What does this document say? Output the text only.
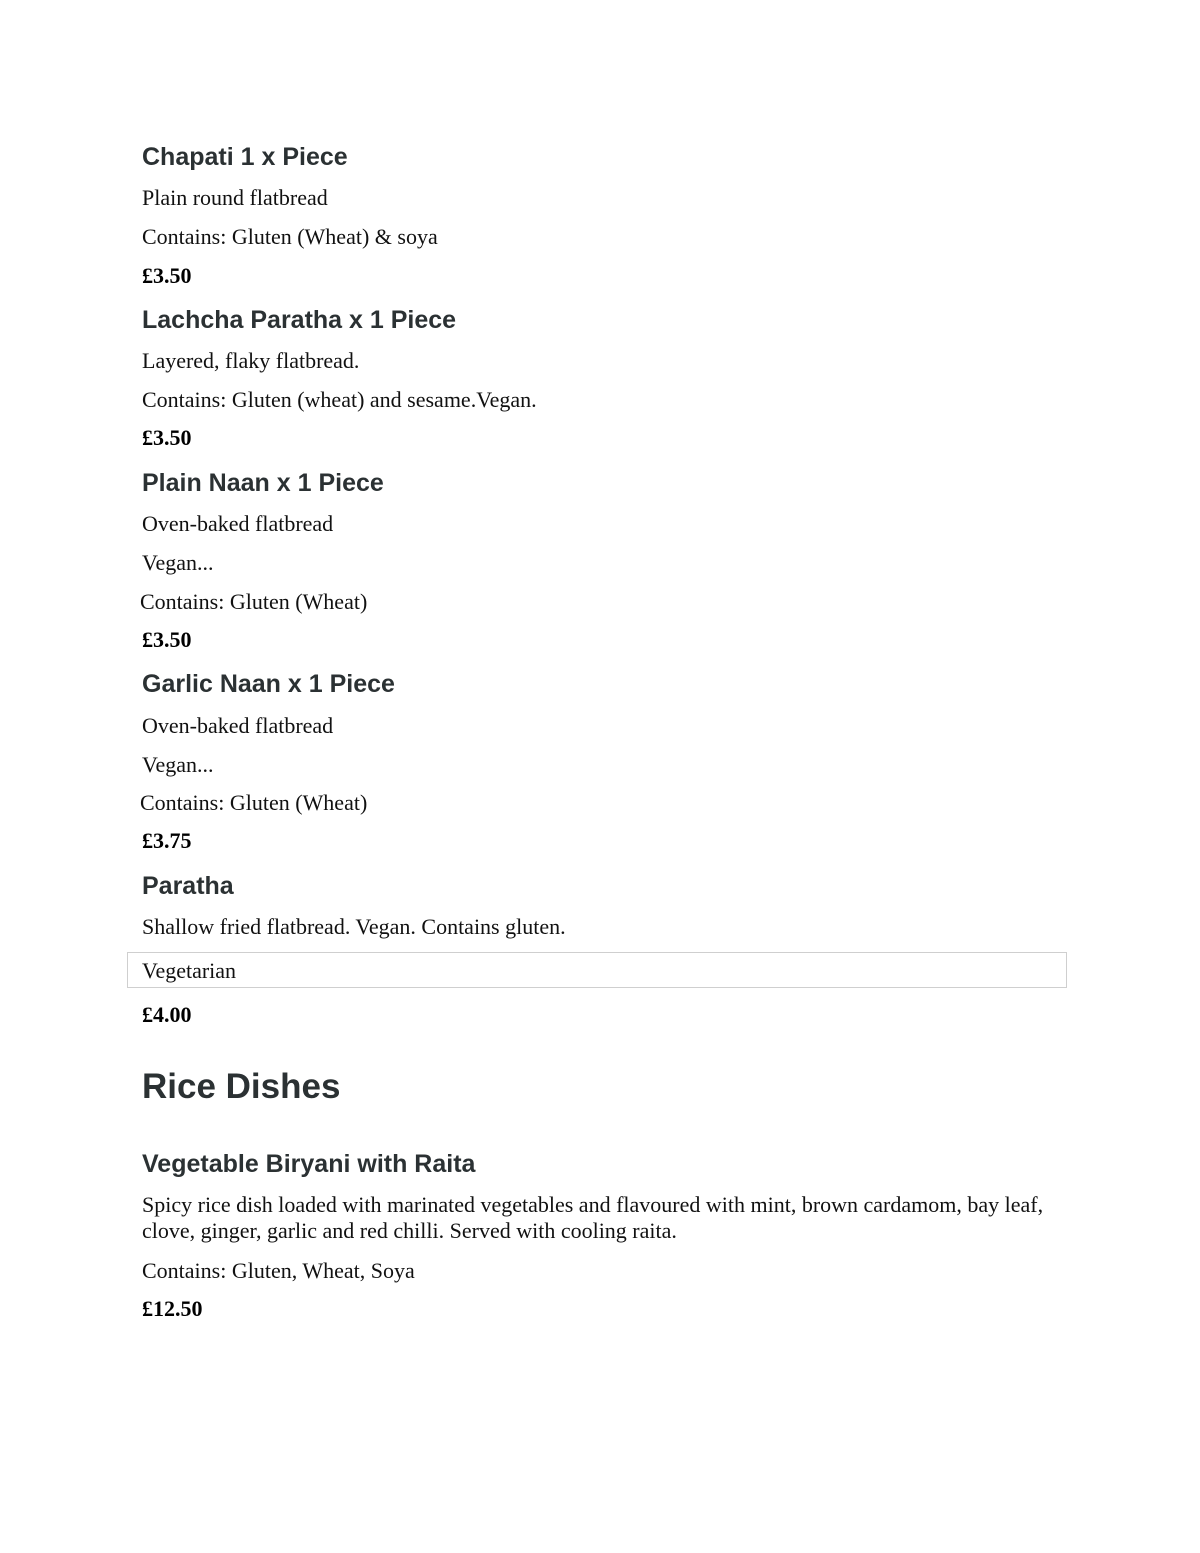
Chapati 1 x Piece
Plain round flatbread
Contains: Gluten (Wheat) & soya
£3.50
Lachcha Paratha x 1 Piece
Layered, flaky flatbread.
Contains: Gluten (wheat) and sesame.Vegan.
£3.50
Plain Naan x 1 Piece
Oven-baked flatbread
Vegan...
Contains: Gluten (Wheat)
£3.50
Garlic Naan x 1 Piece
Oven-baked flatbread
Vegan...
Contains: Gluten (Wheat)
£3.75
Paratha
Shallow fried flatbread. Vegan. Contains gluten.
Vegetarian
£4.00
Rice Dishes
Vegetable Biryani with Raita
Spicy rice dish loaded with marinated vegetables and flavoured with mint, brown cardamom, bay leaf, clove, ginger, garlic and red chilli. Served with cooling raita.
Contains: Gluten, Wheat, Soya
£12.50
